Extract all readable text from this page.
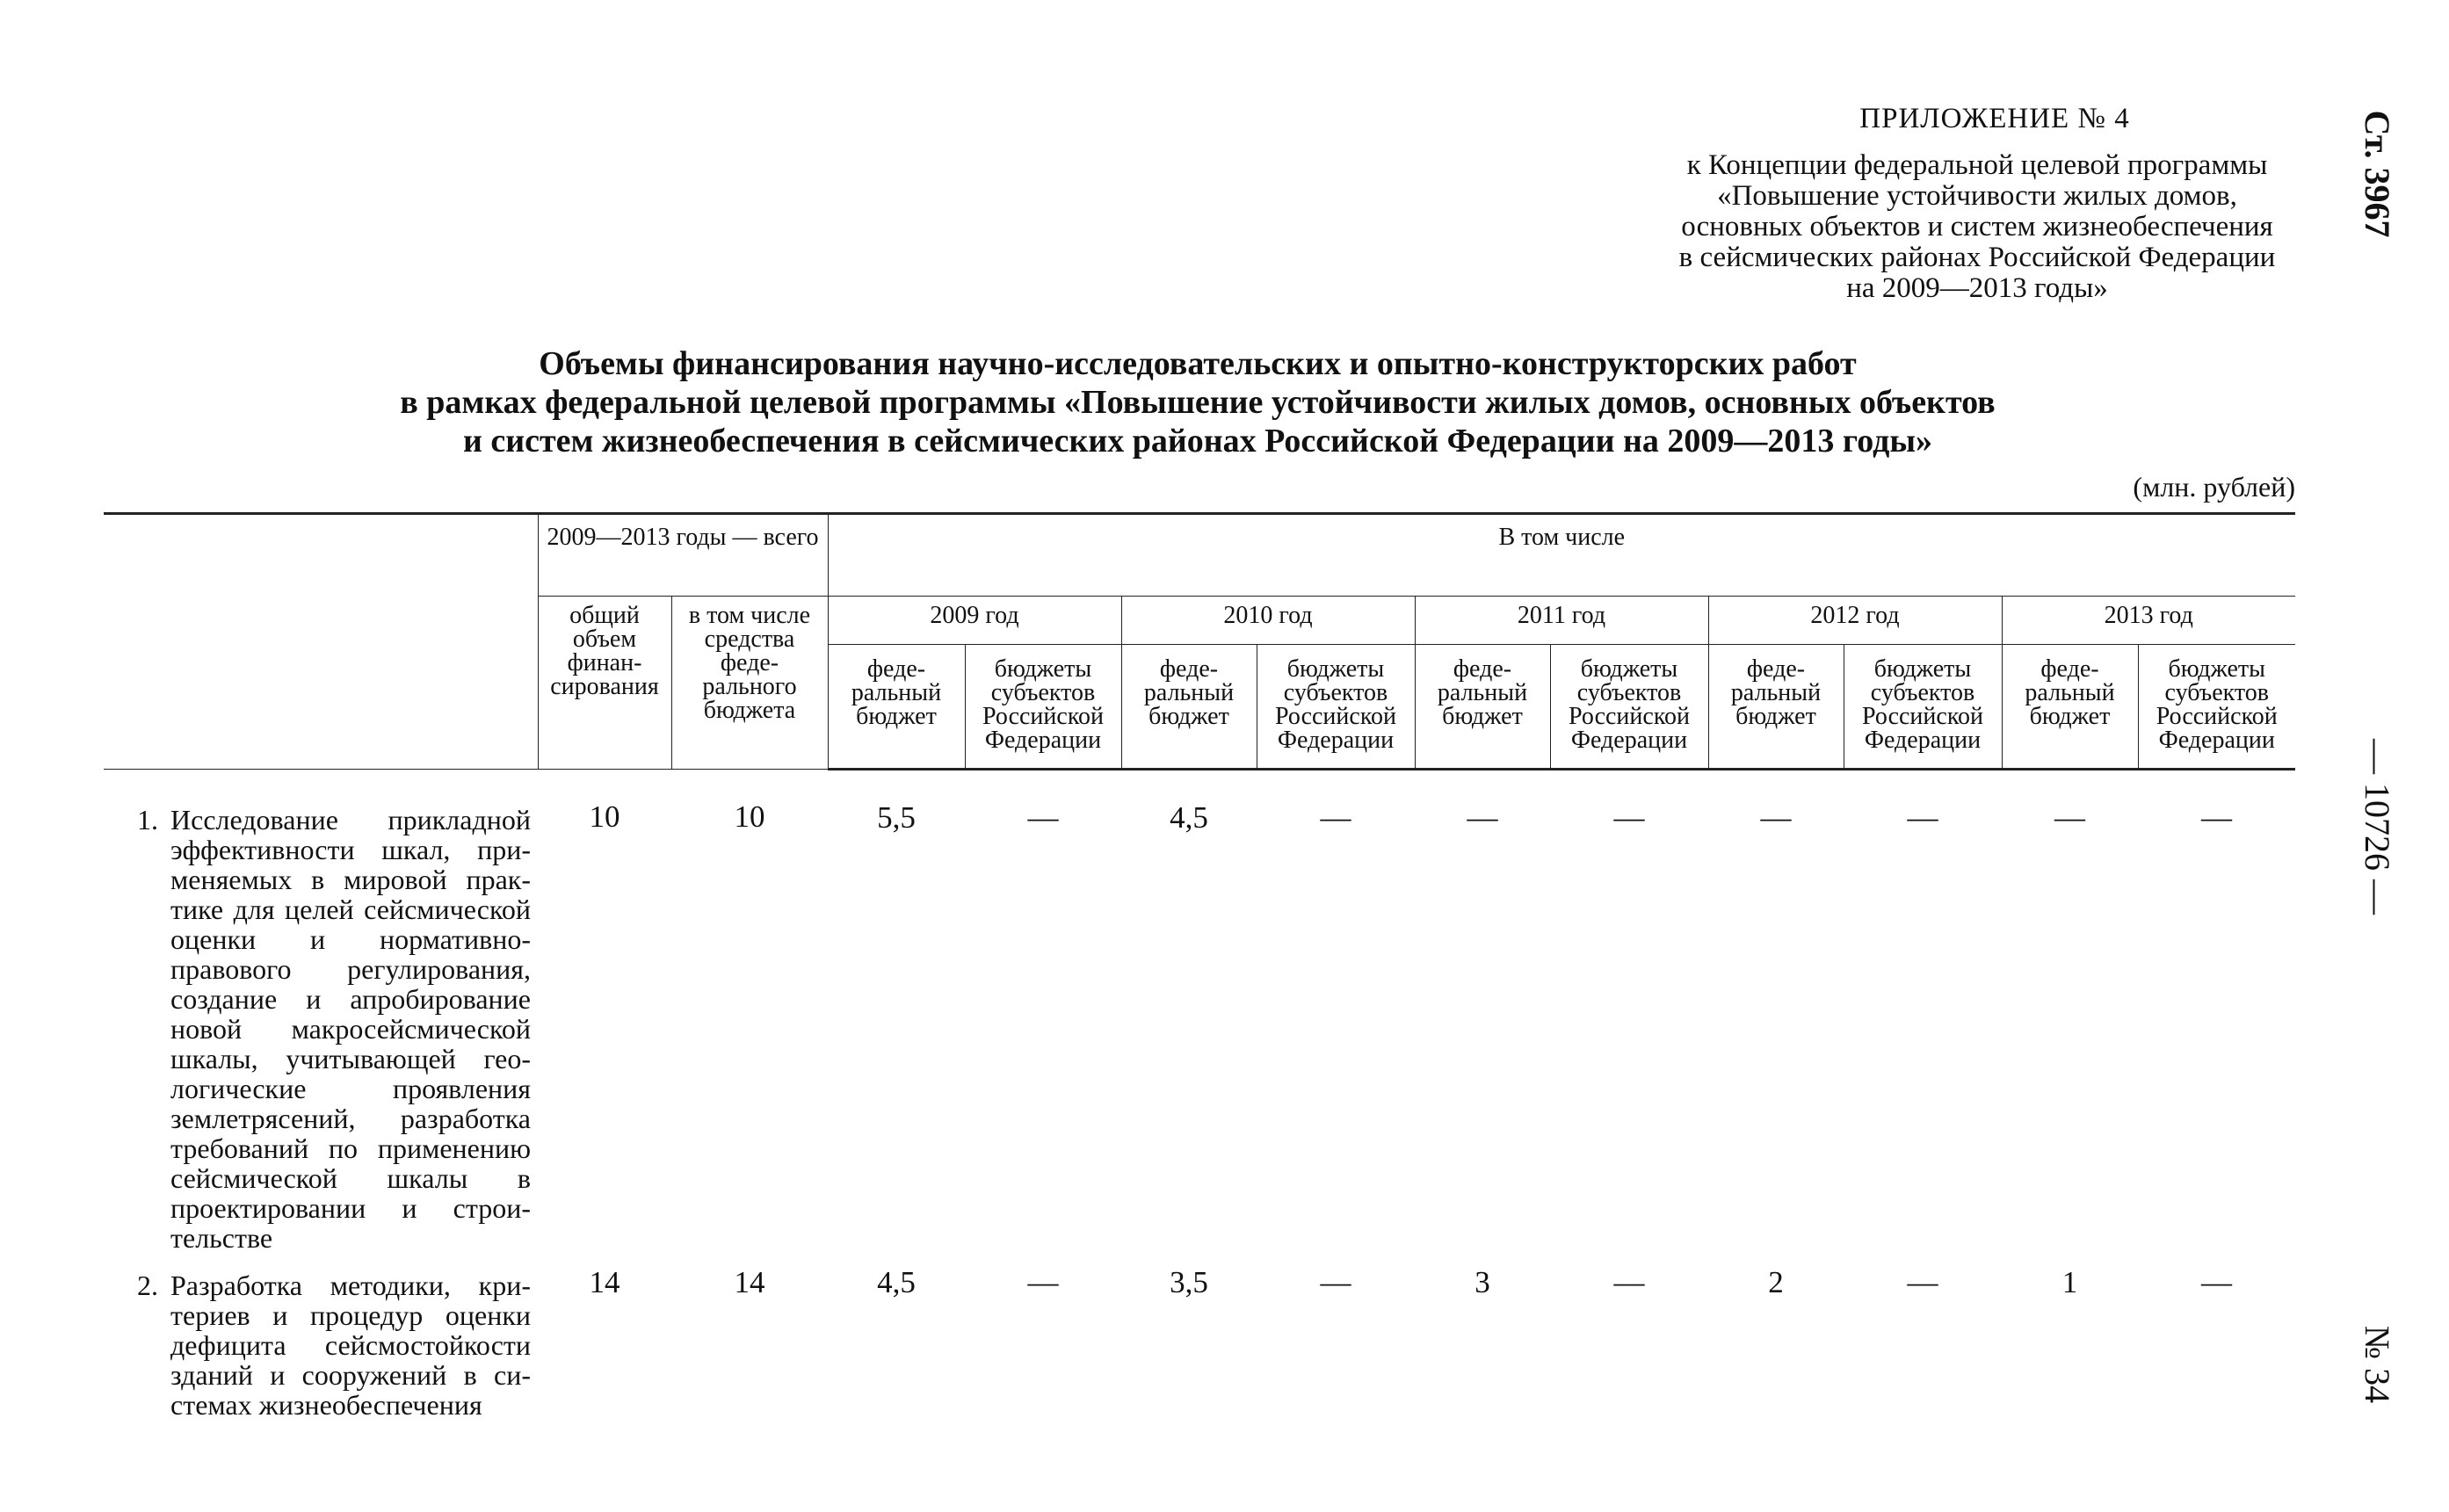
ПРИЛОЖЕНИЕ № 4
к Концепции федеральной целевой программы
«Повышение устойчивости жилых домов,
основных объектов и систем жизнеобеспечения
в сейсмических районах Российской Федерации
на 2009—2013 годы»
Ст. 3967
— 10726 —
№ 34
Объемы финансирования научно-исследовательских и опытно-конструкторских работ
в рамках федеральной целевой программы «Повышение устойчивости жилых домов, основных объектов
и систем жизнеобеспечения в сейсмических районах Российской Федерации на 2009—2013 годы»
(млн. рублей)
	2009—2013 годы — всего		В том числе									
	общий объем финан- сирования	в том числе средства феде- рального бюджета	2009 год		2010 год		2011 год		2012 год		2013 год	
			феде- ральный бюджет	бюджеты субъектов Российской Федерации	феде- ральный бюджет	бюджеты субъектов Российской Федерации	феде- ральный бюджет	бюджеты субъектов Российской Федерации	феде- ральный бюджет	бюджеты субъектов Российской Федерации	феде- ральный бюджет	бюджеты субъектов Российской Федерации

1. Исследование прикладной эффективности шкал, применяемых в мировой практике для целей сейсмической оценки и нормативно-правового регулирования, создание и апробирование новой макросейсмической шкалы, учитывающей геологические проявления землетрясений, разработка требований по применению сейсмической шкалы в проектировании и строительстве	10	10	5,5	—	4,5	—	—	—	—	—	—	—

2. Разработка методики, критериев и процедур оценки дефицита сейсмостойкости зданий и сооружений в системах жизнеобеспечения	14	14	4,5	—	3,5	—	3	—	2	—	1	—
